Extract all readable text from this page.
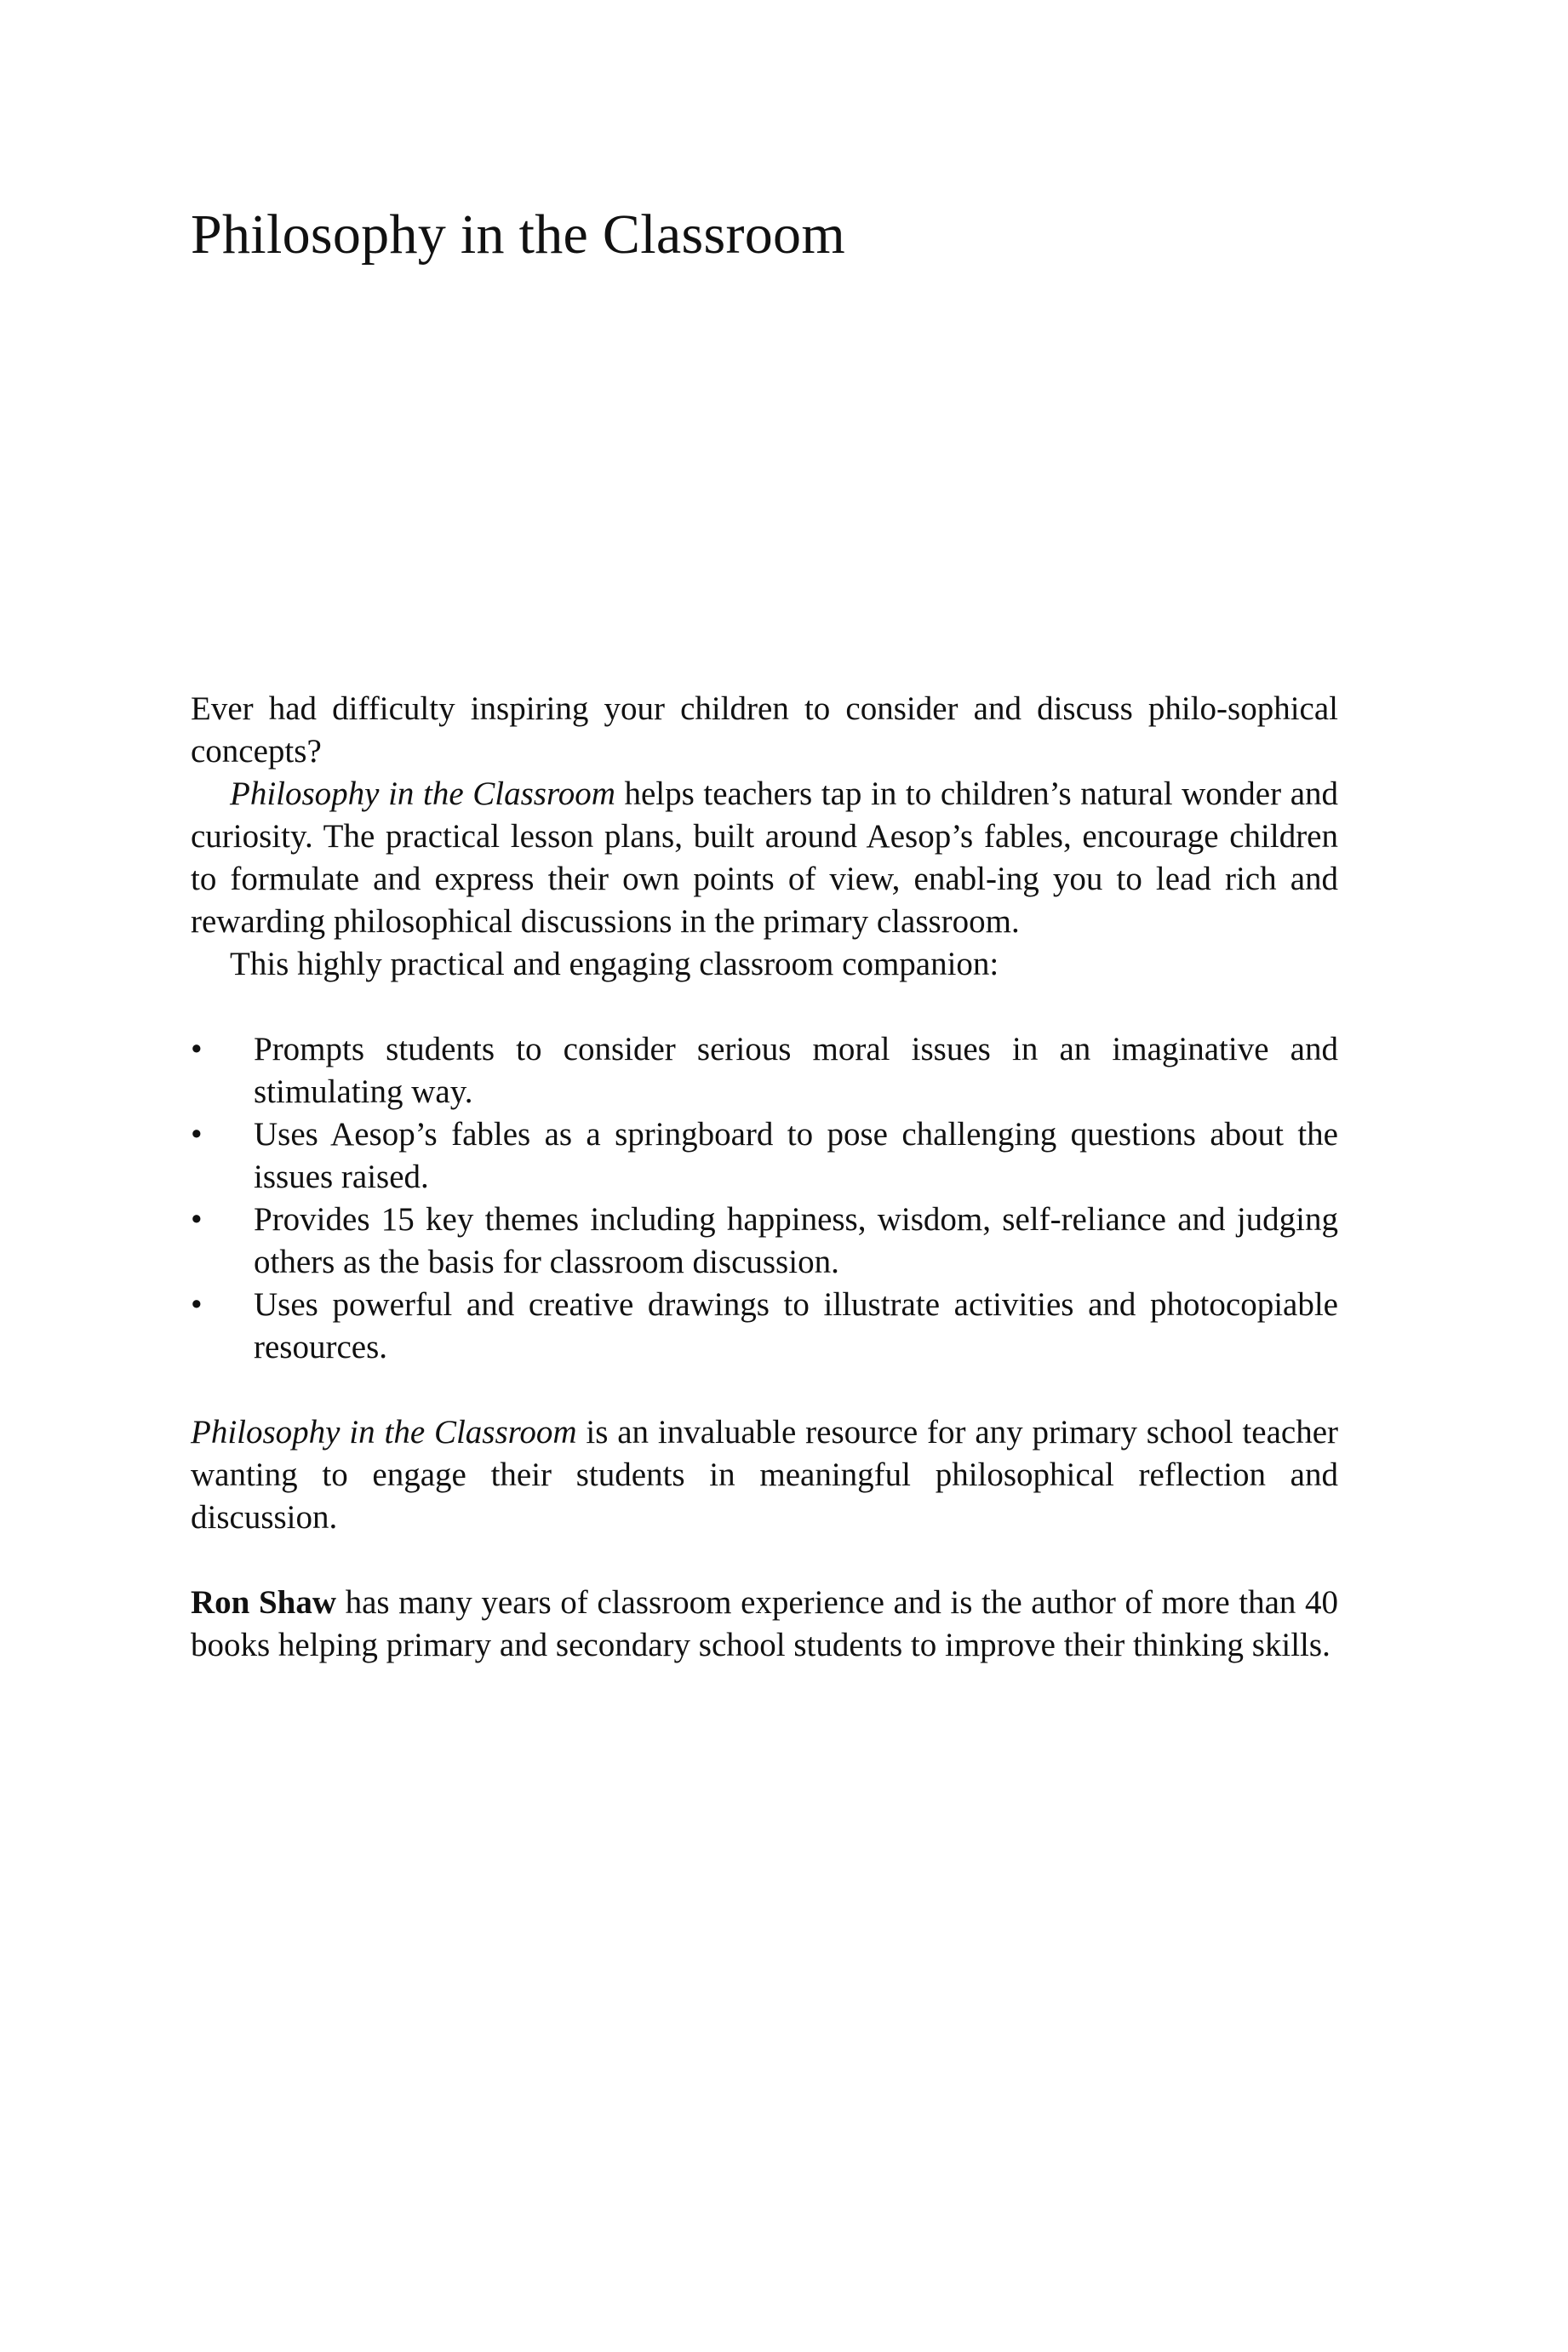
Philosophy in the Classroom

Ever had difficulty inspiring your children to consider and discuss philo-sophical concepts?

Philosophy in the Classroom helps teachers tap in to children’s natural wonder and curiosity. The practical lesson plans, built around Aesop’s fables, encourage children to formulate and express their own points of view, enabl-ing you to lead rich and rewarding philosophical discussions in the primary classroom.

This highly practical and engaging classroom companion:

•	Prompts students to consider serious moral issues in an imaginative and stimulating way.
•	Uses Aesop’s fables as a springboard to pose challenging questions about the issues raised.
•	Provides 15 key themes including happiness, wisdom, self-reliance and judging others as the basis for classroom discussion.
•	Uses powerful and creative drawings to illustrate activities and photocopiable resources.

Philosophy in the Classroom is an invaluable resource for any primary school teacher wanting to engage their students in meaningful philosophical reflection and discussion.

Ron Shaw has many years of classroom experience and is the author of more than 40 books helping primary and secondary school students to improve their thinking skills.
